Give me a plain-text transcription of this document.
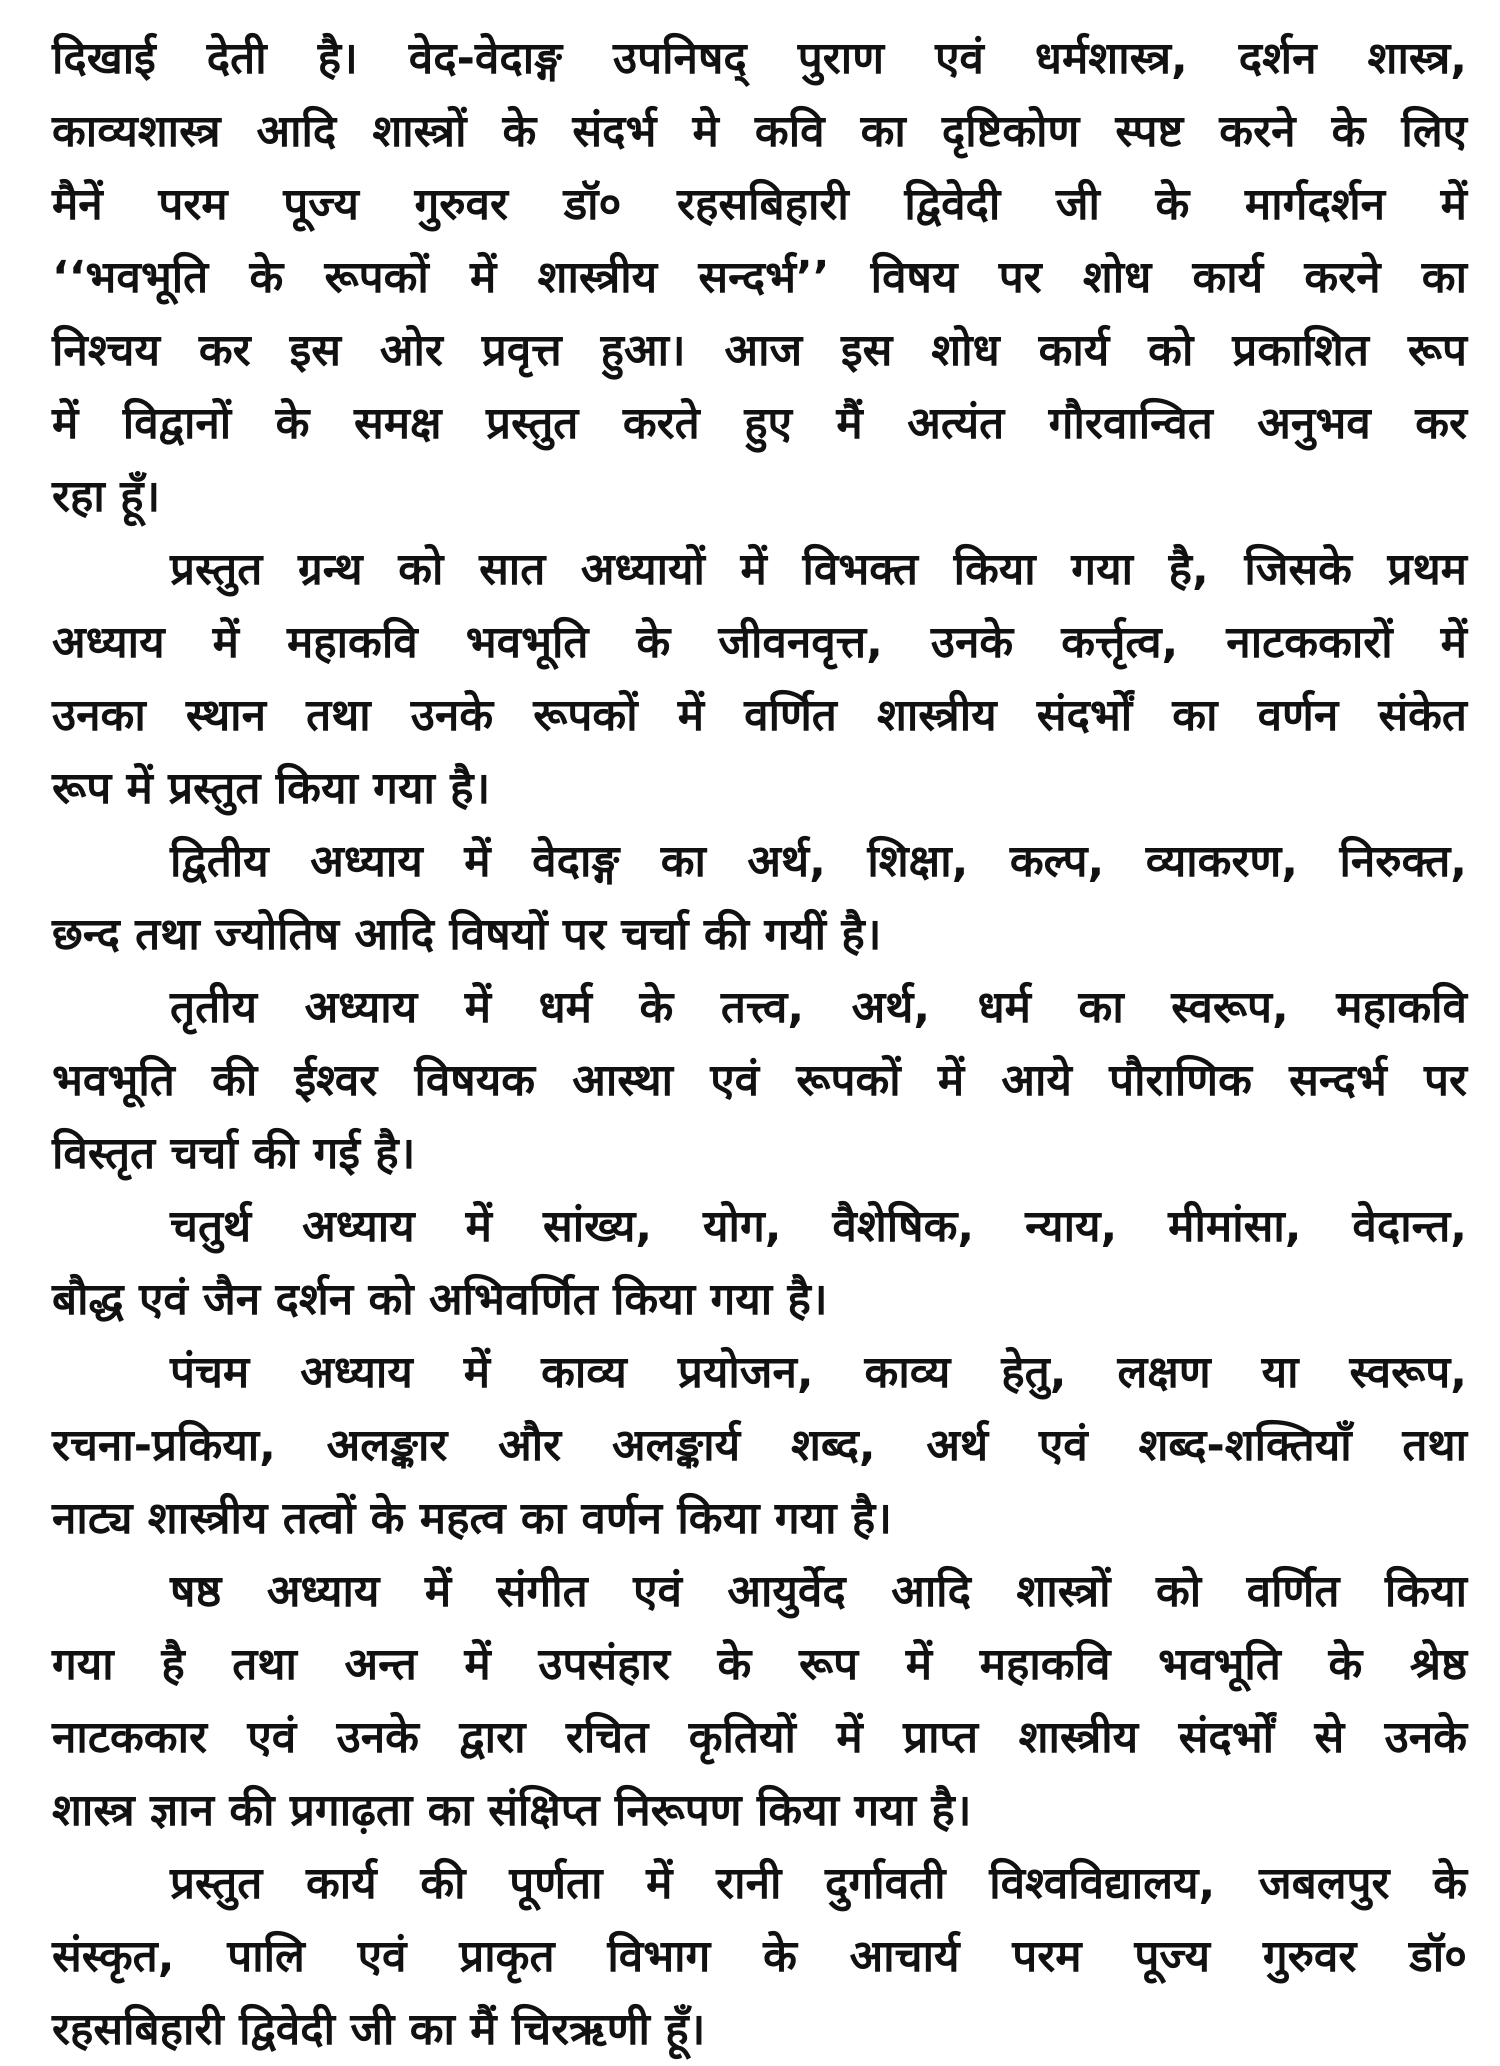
दिखाई देती है। वेद-वेदाङ्ग उपनिषद् पुराण एवं धर्मशास्त्र, दर्शन शास्त्र,
काव्यशास्त्र आदि शास्त्रों के संदर्भ मे कवि का दृष्टिकोण स्पष्ट करने के लिए
मैनें परम पूज्य गुरुवर डॉ० रहसबिहारी द्विवेदी जी के मार्गदर्शन में
‘‘भवभूति के रूपकों में शास्त्रीय सन्दर्भ’’ विषय पर शोध कार्य करने का
निश्चय कर इस ओर प्रवृत्त हुआ। आज इस शोध कार्य को प्रकाशित रूप
में विद्वानों के समक्ष प्रस्तुत करते हुए मैं अत्यंत गौरवान्वित अनुभव कर
रहा हूँ।
प्रस्तुत ग्रन्थ को सात अध्यायों में विभक्त किया गया है, जिसके प्रथम
अध्याय में महाकवि भवभूति के जीवनवृत्त, उनके कर्त्तृत्व, नाटककारों में
उनका स्थान तथा उनके रूपकों में वर्णित शास्त्रीय संदर्भों का वर्णन संकेत
रूप में प्रस्तुत किया गया है।
द्वितीय अध्याय में वेदाङ्ग का अर्थ, शिक्षा, कल्प, व्याकरण, निरुक्त,
छन्द तथा ज्योतिष आदि विषयों पर चर्चा की गयीं है।
तृतीय अध्याय में धर्म के तत्त्व, अर्थ, धर्म का स्वरूप, महाकवि
भवभूति की ईश्वर विषयक आस्था एवं रूपकों में आये पौराणिक सन्दर्भ पर
विस्तृत चर्चा की गई है।
चतुर्थ अध्याय में सांख्य, योग, वैशेषिक, न्याय, मीमांसा, वेदान्त,
बौद्ध एवं जैन दर्शन को अभिवर्णित किया गया है।
पंचम अध्याय में काव्य प्रयोजन, काव्य हेतु, लक्षण या स्वरूप,
रचना-प्रकिया, अलङ्कार और अलङ्कार्य शब्द, अर्थ एवं शब्द-शक्तियाँ तथा
नाट्य शास्त्रीय तत्वों के महत्व का वर्णन किया गया है।
षष्ठ अध्याय में संगीत एवं आयुर्वेद आदि शास्त्रों को वर्णित किया
गया है तथा अन्त में उपसंहार के रूप में महाकवि भवभूति के श्रेष्ठ
नाटककार एवं उनके द्वारा रचित कृतियों में प्राप्त शास्त्रीय संदर्भों से उनके
शास्त्र ज्ञान की प्रगाढ़ता का संक्षिप्त निरूपण किया गया है।
प्रस्तुत कार्य की पूर्णता में रानी दुर्गावती विश्वविद्यालय, जबलपुर के
संस्कृत, पालि एवं प्राकृत विभाग के आचार्य परम पूज्य गुरुवर डॉ०
रहसबिहारी द्विवेदी जी का मैं चिरऋणी हूँ।
